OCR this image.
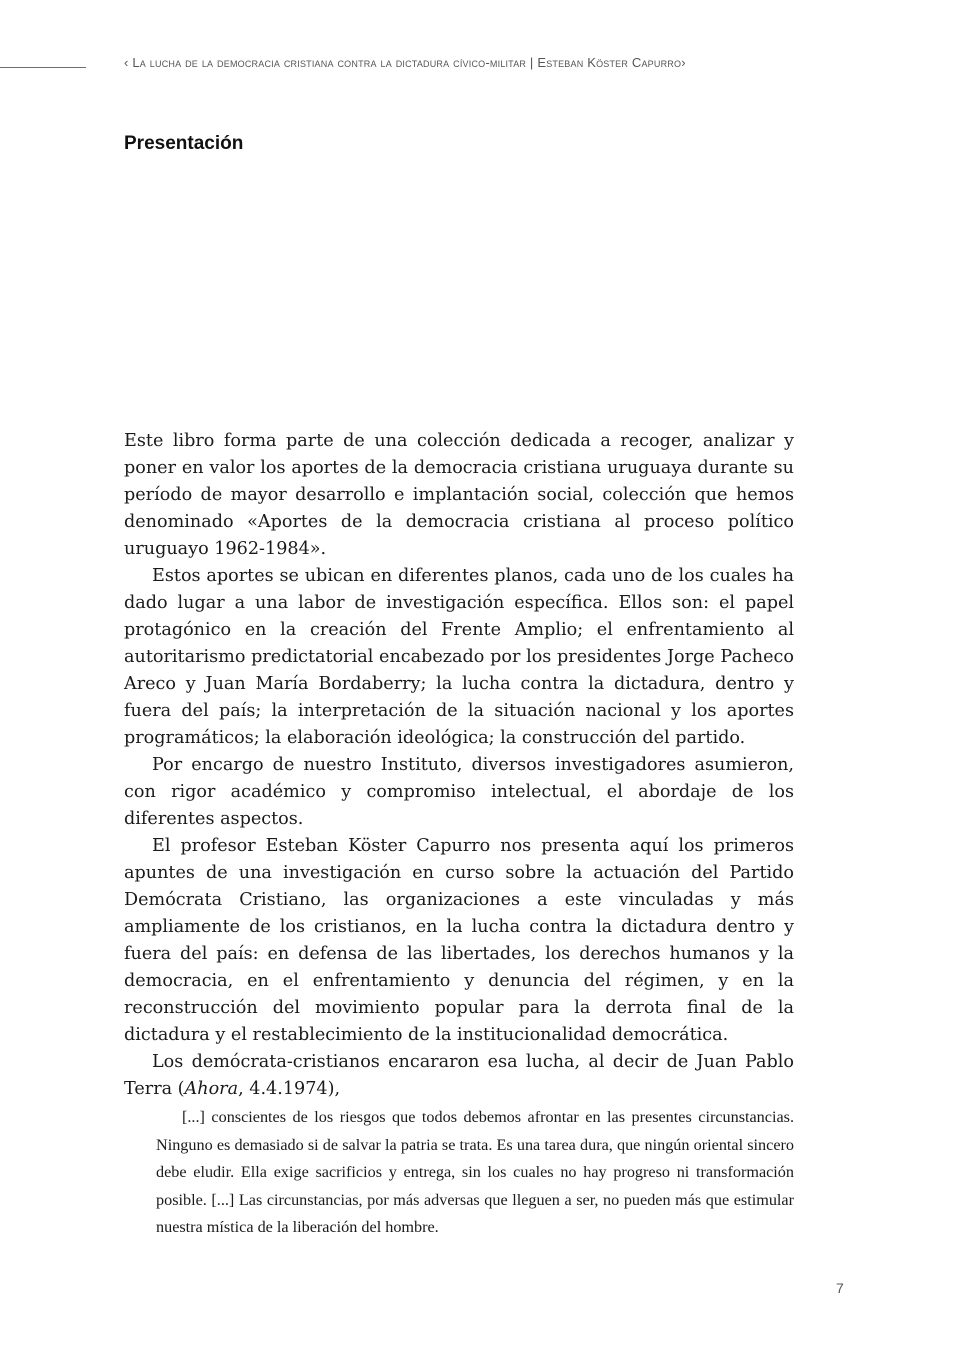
‹ La lucha de la democracia cristiana contra la dictadura cívico-militar | Esteban Köster Capurro›
Presentación

Este libro forma parte de una colección dedicada a recoger, analizar y poner en valor los aportes de la democracia cristiana uruguaya durante su período de mayor desarrollo e implantación social, colección que hemos denominado «Aportes de la democracia cristiana al proceso político uruguayo 1962-1984».

Estos aportes se ubican en diferentes planos, cada uno de los cuales ha dado lugar a una labor de investigación específica. Ellos son: el papel protagónico en la creación del Frente Amplio; el enfrentamiento al autoritarismo predictatorial encabezado por los presidentes Jorge Pacheco Areco y Juan María Bordaberry; la lucha contra la dictadura, dentro y fuera del país; la interpretación de la situación nacional y los aportes programáticos; la elaboración ideológica; la construcción del partido.

Por encargo de nuestro Instituto, diversos investigadores asumieron, con rigor académico y compromiso intelectual, el abordaje de los diferentes aspectos.

El profesor Esteban Köster Capurro nos presenta aquí los primeros apuntes de una investigación en curso sobre la actuación del Partido Demócrata Cristiano, las organizaciones a este vinculadas y más ampliamente de los cristianos, en la lucha contra la dictadura dentro y fuera del país: en defensa de las libertades, los derechos humanos y la democracia, en el enfrentamiento y denuncia del régimen, y en la reconstrucción del movimiento popular para la derrota final de la dictadura y el restablecimiento de la institucionalidad democrática.

Los demócrata-cristianos encararon esa lucha, al decir de Juan Pablo Terra (Ahora, 4.4.1974),

[...] conscientes de los riesgos que todos debemos afrontar en las presentes circunstancias. Ninguno es demasiado si de salvar la patria se trata. Es una tarea dura, que ningún oriental sincero debe eludir. Ella exige sacrificios y entrega, sin los cuales no hay progreso ni transformación posible. [...] Las circunstancias, por más adversas que lleguen a ser, no pueden más que estimular nuestra mística de la liberación del hombre.
7
